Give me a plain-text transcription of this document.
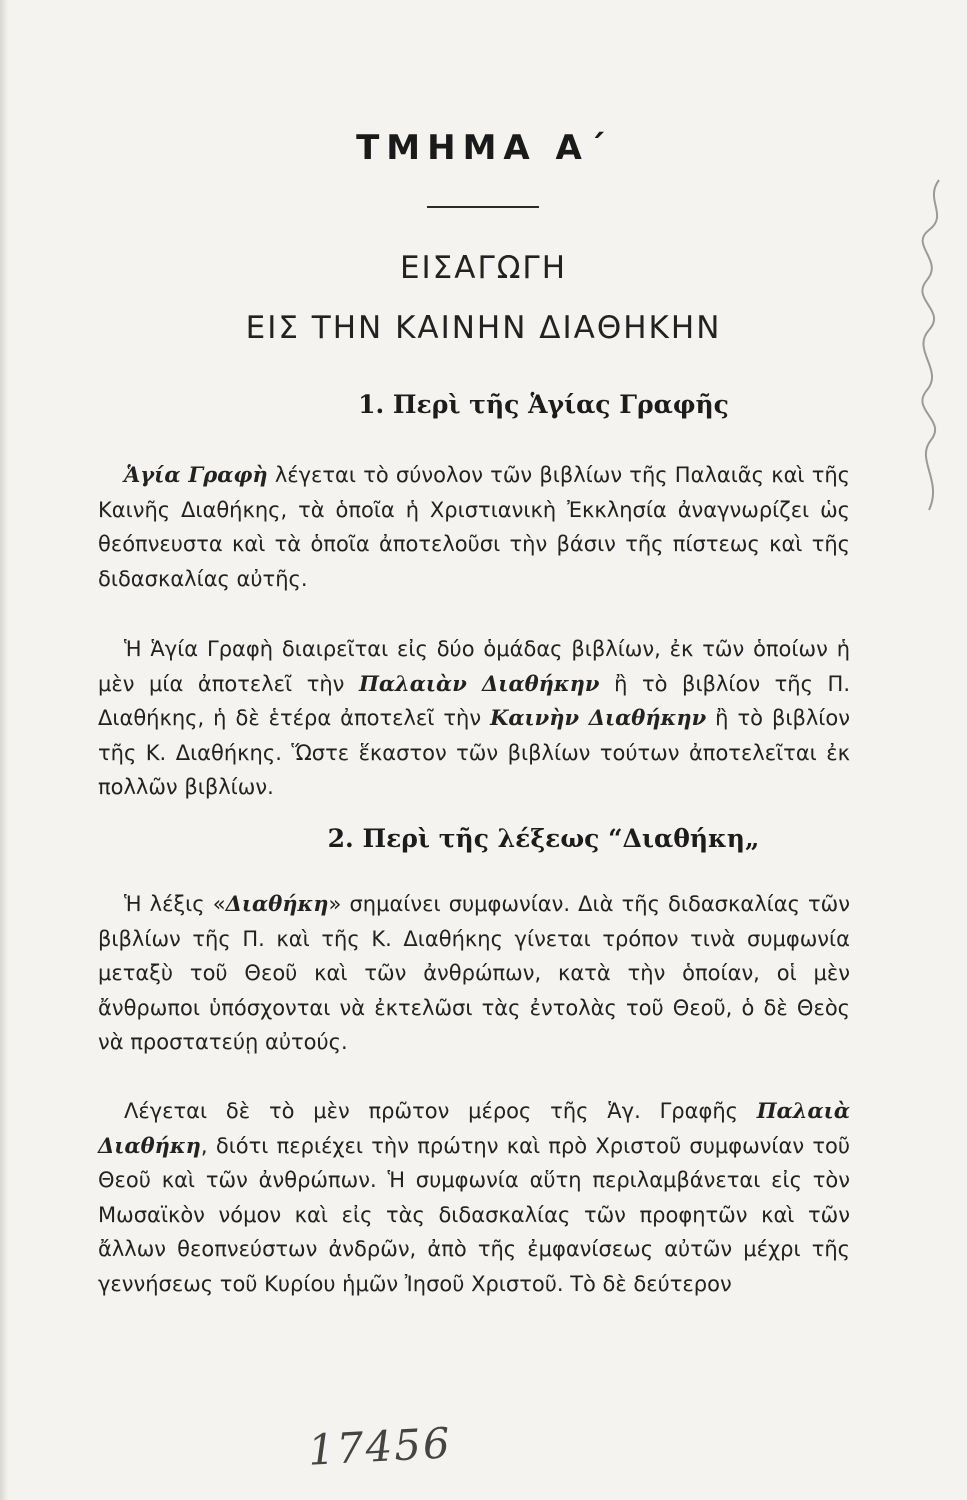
ΤΜΗΜΑ Α΄
ΕΙΣΑΓΩΓΗ
ΕΙΣ ΤΗΝ ΚΑΙΝΗΝ ΔΙΑΘΗΚΗΝ
1. Περὶ τῆς Ἁγίας Γραφῆς
Ἁγία Γραφὴ λέγεται τὸ σύνολον τῶν βιβλίων τῆς Παλαιᾶς καὶ τῆς Καινῆς Διαθήκης, τὰ ὁποῖα ἡ Χριστιανικὴ Ἐκκλησία ἀναγνωρίζει ὡς θεόπνευστα καὶ τὰ ὁποῖα ἀποτελοῦσι τὴν βάσιν τῆς πίστεως καὶ τῆς διδασκαλίας αὐτῆς.
Ἡ Ἁγία Γραφὴ διαιρεῖται εἰς δύο ὁμάδας βιβλίων, ἐκ τῶν ὁποίων ἡ μὲν μία ἀποτελεῖ τὴν Παλαιὰν Διαθήκην ἢ τὸ βιβλίον τῆς Π. Διαθήκης, ἡ δὲ ἑτέρα ἀποτελεῖ τὴν Καινὴν Διαθήκην ἢ τὸ βιβλίον τῆς Κ. Διαθήκης. Ὥστε ἕκαστον τῶν βιβλίων τούτων ἀποτελεῖται ἐκ πολλῶν βιβλίων.
2. Περὶ τῆς λέξεως “Διαθήκη„
Ἡ λέξις «Διαθήκη» σημαίνει συμφωνίαν. Διὰ τῆς διδασκαλίας τῶν βιβλίων τῆς Π. καὶ τῆς Κ. Διαθήκης γίνεται τρόπον τινὰ συμφωνία μεταξὺ τοῦ Θεοῦ καὶ τῶν ἀνθρώπων, κατὰ τὴν ὁποίαν, οἱ μὲν ἄνθρωποι ὑπόσχονται νὰ ἐκτελῶσι τὰς ἐντολὰς τοῦ Θεοῦ, ὁ δὲ Θεὸς νὰ προστατεύῃ αὐτούς.
Λέγεται δὲ τὸ μὲν πρῶτον μέρος τῆς Ἁγ. Γραφῆς Παλαιὰ Διαθήκη, διότι περιέχει τὴν πρώτην καὶ πρὸ Χριστοῦ συμφωνίαν τοῦ Θεοῦ καὶ τῶν ἀνθρώπων. Ἡ συμφωνία αὕτη περιλαμβάνεται εἰς τὸν Μωσαϊκὸν νόμον καὶ εἰς τὰς διδασκαλίας τῶν προφητῶν καὶ τῶν ἄλλων θεοπνεύστων ἀνδρῶν, ἀπὸ τῆς ἐμφανίσεως αὐτῶν μέχρι τῆς γεννήσεως τοῦ Κυρίου ἡμῶν Ἰησοῦ Χριστοῦ. Τὸ δὲ δεύτερον
17456
